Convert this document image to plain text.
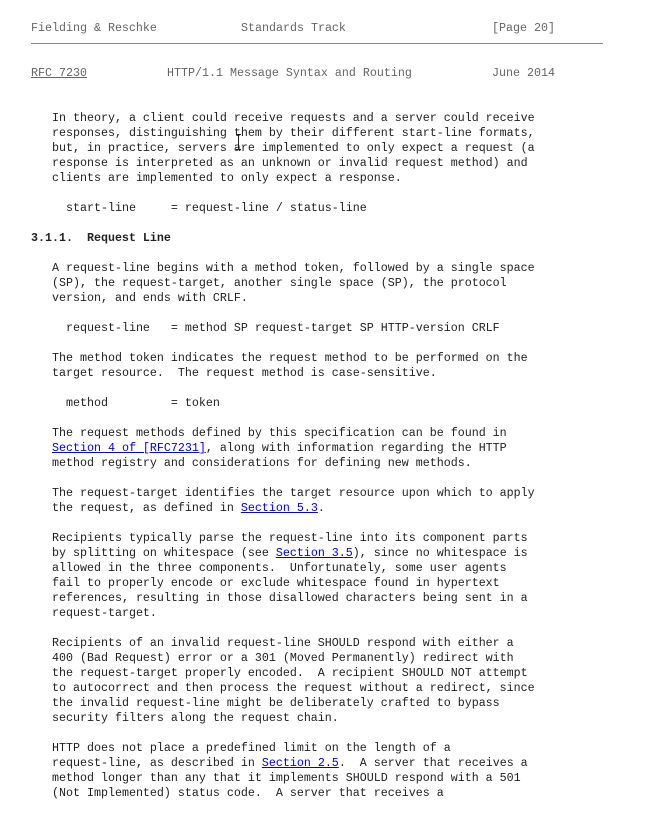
Fielding & Reschke	Standards Track	[Page 20]
RFC 7230	HTTP/1.1 Message Syntax and Routing	June 2014
In theory, a client could receive requests and a server could receive
responses, distinguishing them by their different start-line formats,
but, in practice, servers are implemented to only expect a request (a
response is interpreted as an unknown or invalid request method) and
clients are implemented to only expect a response.
start-line     = request-line / status-line
3.1.1.  Request Line
A request-line begins with a method token, followed by a single space
(SP), the request-target, another single space (SP), the protocol
version, and ends with CRLF.
request-line   = method SP request-target SP HTTP-version CRLF
The method token indicates the request method to be performed on the
target resource.  The request method is case-sensitive.
method         = token
The request methods defined by this specification can be found in
Section 4 of [RFC7231], along with information regarding the HTTP
method registry and considerations for defining new methods.
The request-target identifies the target resource upon which to apply
the request, as defined in Section 5.3.
Recipients typically parse the request-line into its component parts
by splitting on whitespace (see Section 3.5), since no whitespace is
allowed in the three components.  Unfortunately, some user agents
fail to properly encode or exclude whitespace found in hypertext
references, resulting in those disallowed characters being sent in a
request-target.
Recipients of an invalid request-line SHOULD respond with either a
400 (Bad Request) error or a 301 (Moved Permanently) redirect with
the request-target properly encoded.  A recipient SHOULD NOT attempt
to autocorrect and then process the request without a redirect, since
the invalid request-line might be deliberately crafted to bypass
security filters along the request chain.
HTTP does not place a predefined limit on the length of a
request-line, as described in Section 2.5.  A server that receives a
method longer than any that it implements SHOULD respond with a 501
(Not Implemented) status code.  A server that receives a
